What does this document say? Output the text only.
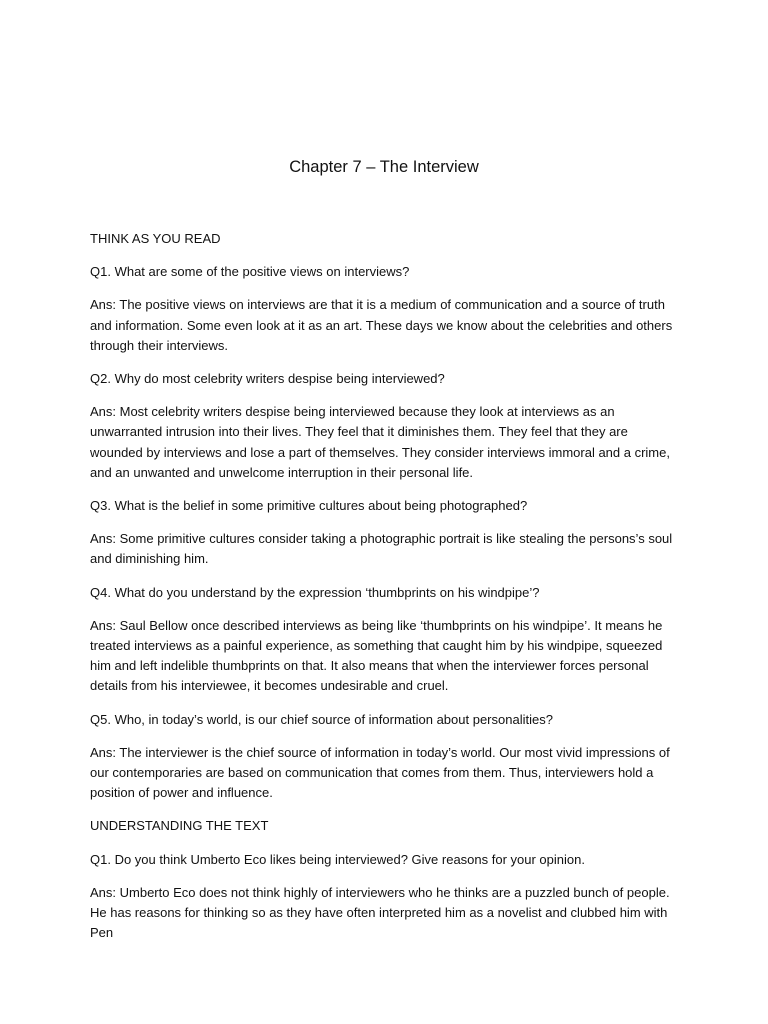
Chapter 7 – The Interview

THINK AS YOU READ

Q1. What are some of the positive views on interviews?

Ans: The positive views on interviews are that it is a medium of communication and a source of truth and information. Some even look at it as an art. These days we know about the celebrities and others through their interviews.

Q2. Why do most celebrity writers despise being interviewed?

Ans: Most celebrity writers despise being interviewed because they look at interviews as an unwarranted intrusion into their lives. They feel that it diminishes them. They feel that they are wounded by interviews and lose a part of themselves. They consider interviews immoral and a crime, and an unwanted and unwelcome interruption in their personal life.

Q3. What is the belief in some primitive cultures about being photographed?

Ans: Some primitive cultures consider taking a photographic portrait is like stealing the persons’s soul and diminishing him.

Q4. What do you understand by the expression ‘thumbprints on his windpipe’?

Ans: Saul Bellow once described interviews as being like ‘thumbprints on his windpipe’. It means he treated interviews as a painful experience, as something that caught him by his windpipe, squeezed him and left indelible thumbprints on that. It also means that when the interviewer forces personal details from his interviewee, it becomes undesirable and cruel.

Q5. Who, in today’s world, is our chief source of information about personalities?

Ans: The interviewer is the chief source of information in today’s world. Our most vivid impressions of our contemporaries are based on communication that comes from them. Thus, interviewers hold a position of power and influence.

UNDERSTANDING THE TEXT

Q1. Do you think Umberto Eco likes being interviewed? Give reasons for your opinion.

Ans: Umberto Eco does not think highly of interviewers who he thinks are a puzzled bunch of people. He has reasons for thinking so as they have often interpreted him as a novelist and clubbed him with Pen
